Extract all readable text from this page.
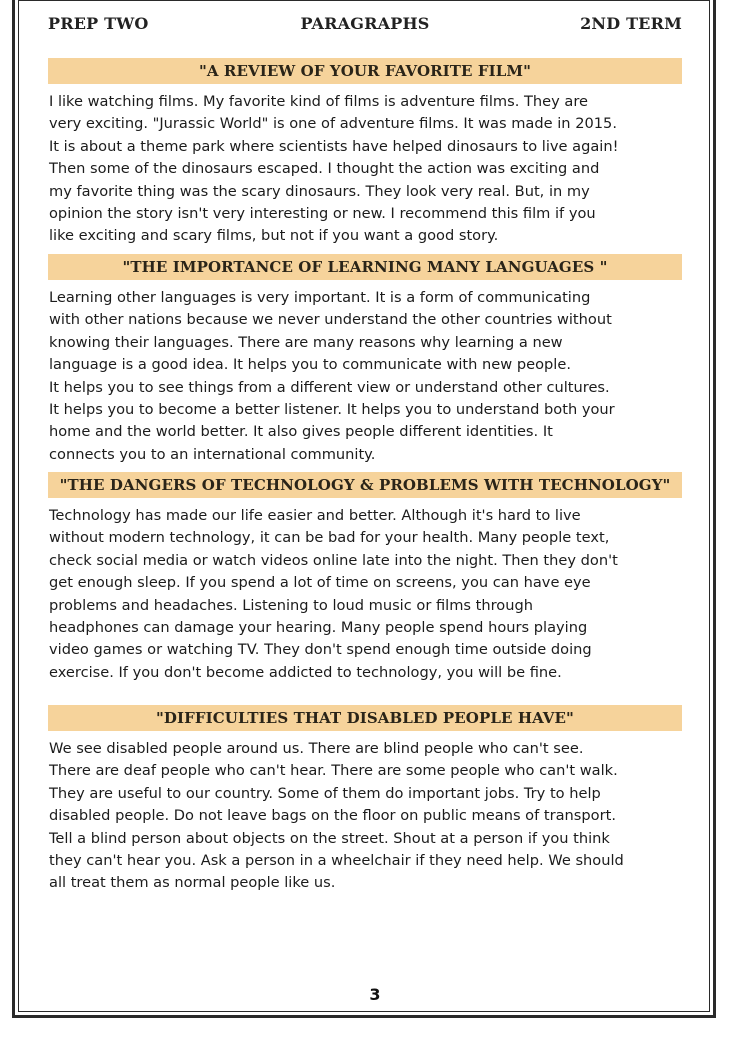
PREP TWO	PARAGRAPHS	2ND TERM
"A REVIEW OF YOUR FAVORITE FILM"
I like watching films. My favorite kind of films is adventure films. They are
very exciting. "Jurassic World" is one of adventure films. It was made in 2015.
It is about a theme park where scientists have helped dinosaurs to live again!
Then some of the dinosaurs escaped. I thought the action was exciting and
my favorite thing was the scary dinosaurs. They look very real. But, in my
opinion the story isn't very interesting or new. I recommend this film if you
like exciting and scary films, but not if you want a good story.
"THE IMPORTANCE OF LEARNING MANY LANGUAGES "
Learning other languages is very important. It is a form of communicating
with other nations because we never understand the other countries without
knowing their languages. There are many reasons why learning a new
language is a good idea. It helps you to communicate with new people.
It helps you to see things from a different view or understand other cultures.
It helps you to become a better listener. It helps you to understand both your
home and the world better. It also gives people different identities. It
connects you to an international community.
"THE DANGERS OF TECHNOLOGY & PROBLEMS WITH TECHNOLOGY"
Technology has made our life easier and better. Although it's hard to live
without modern technology, it can be bad for your health. Many people text,
check social media or watch videos online late into the night. Then they don't
get enough sleep. If you spend a lot of time on screens, you can have eye
problems and headaches. Listening to loud music or films through
headphones can damage your hearing. Many people spend hours playing
video games or watching TV. They don't spend enough time outside doing
exercise. If you don't become addicted to technology, you will be fine.
"DIFFICULTIES THAT DISABLED PEOPLE HAVE"
We see disabled people around us. There are blind people who can't see.
There are deaf people who can't hear. There are some people who can't walk.
They are useful to our country. Some of them do important jobs. Try to help
disabled people. Do not leave bags on the floor on public means of transport.
Tell a blind person about objects on the street. Shout at a person if you think
they can't hear you. Ask a person in a wheelchair if they need help. We should
all treat them as normal people like us.
3
